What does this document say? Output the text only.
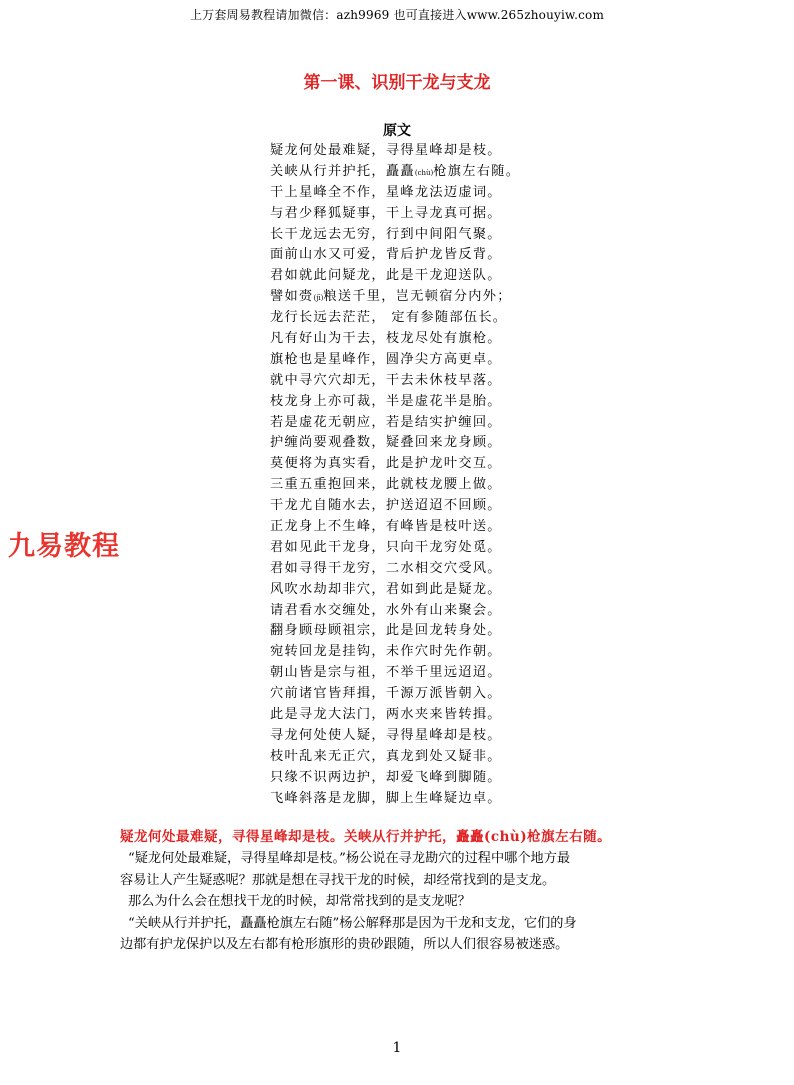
上万套周易教程请加微信：azh9969 也可直接进入www.265zhouyiw.com
第一课、识别干龙与支龙
原文
疑龙何处最难疑，寻得星峰却是枝。
关峡从行并护托，矗矗(chù)枪旗左右随。
干上星峰全不作，星峰龙法迈虚词。
与君少释狐疑事，干上寻龙真可据。
长干龙远去无穷，行到中间阳气聚。
面前山水又可爱，背后护龙皆反背。
君如就此问疑龙，此是干龙迎送队。
譬如赍(jī)粮送千里，岂无顿宿分内外；
龙行长远去茫茫， 定有参随部伍长。
凡有好山为干去，枝龙尽处有旗枪。
旗枪也是星峰作，圆净尖方高更卓。
就中寻穴穴却无，干去未休枝早落。
枝龙身上亦可裁，半是虚花半是胎。
若是虚花无朝应，若是结实护缠回。
护缠尚要观叠数，疑叠回来龙身顾。
莫便将为真实看，此是护龙叶交互。
三重五重抱回来，此就枝龙腰上做。
干龙尤自随水去，护送迢迢不回顾。
正龙身上不生峰，有峰皆是枝叶送。
君如见此干龙身，只向干龙穷处觅。
君如寻得干龙穷，二水相交穴受风。
风吹水劫却非穴，君如到此是疑龙。
请君看水交缠处，水外有山来聚会。
翻身顾母顾祖宗，此是回龙转身处。
宛转回龙是挂钩，未作穴时先作朝。
朝山皆是宗与祖，不举千里远迢迢。
穴前诸官皆拜揖，千源万派皆朝入。
此是寻龙大法门，两水夹来皆转揖。
寻龙何处使人疑，寻得星峰却是枝。
枝叶乱来无正穴，真龙到处又疑非。
只缘不识两边护，却爱飞峰到脚随。
飞峰斜落是龙脚，脚上生峰疑边卓。
九易教程
疑龙何处最难疑，寻得星峰却是枝。关峡从行并护托，矗矗(chù)枪旗左右随。

“疑龙何处最难疑，寻得星峰却是枝。”杨公说在寻龙勘穴的过程中哪个地方最

容易让人产生疑惑呢？那就是想在寻找干龙的时候，却经常找到的是支龙。

那么为什么会在想找干龙的时候，却常常找到的是支龙呢？

“关峡从行并护托，矗矗枪旗左右随”杨公解释那是因为干龙和支龙，它们的身

边都有护龙保护以及左右都有枪形旗形的贵砂跟随，所以人们很容易被迷惑。

1
